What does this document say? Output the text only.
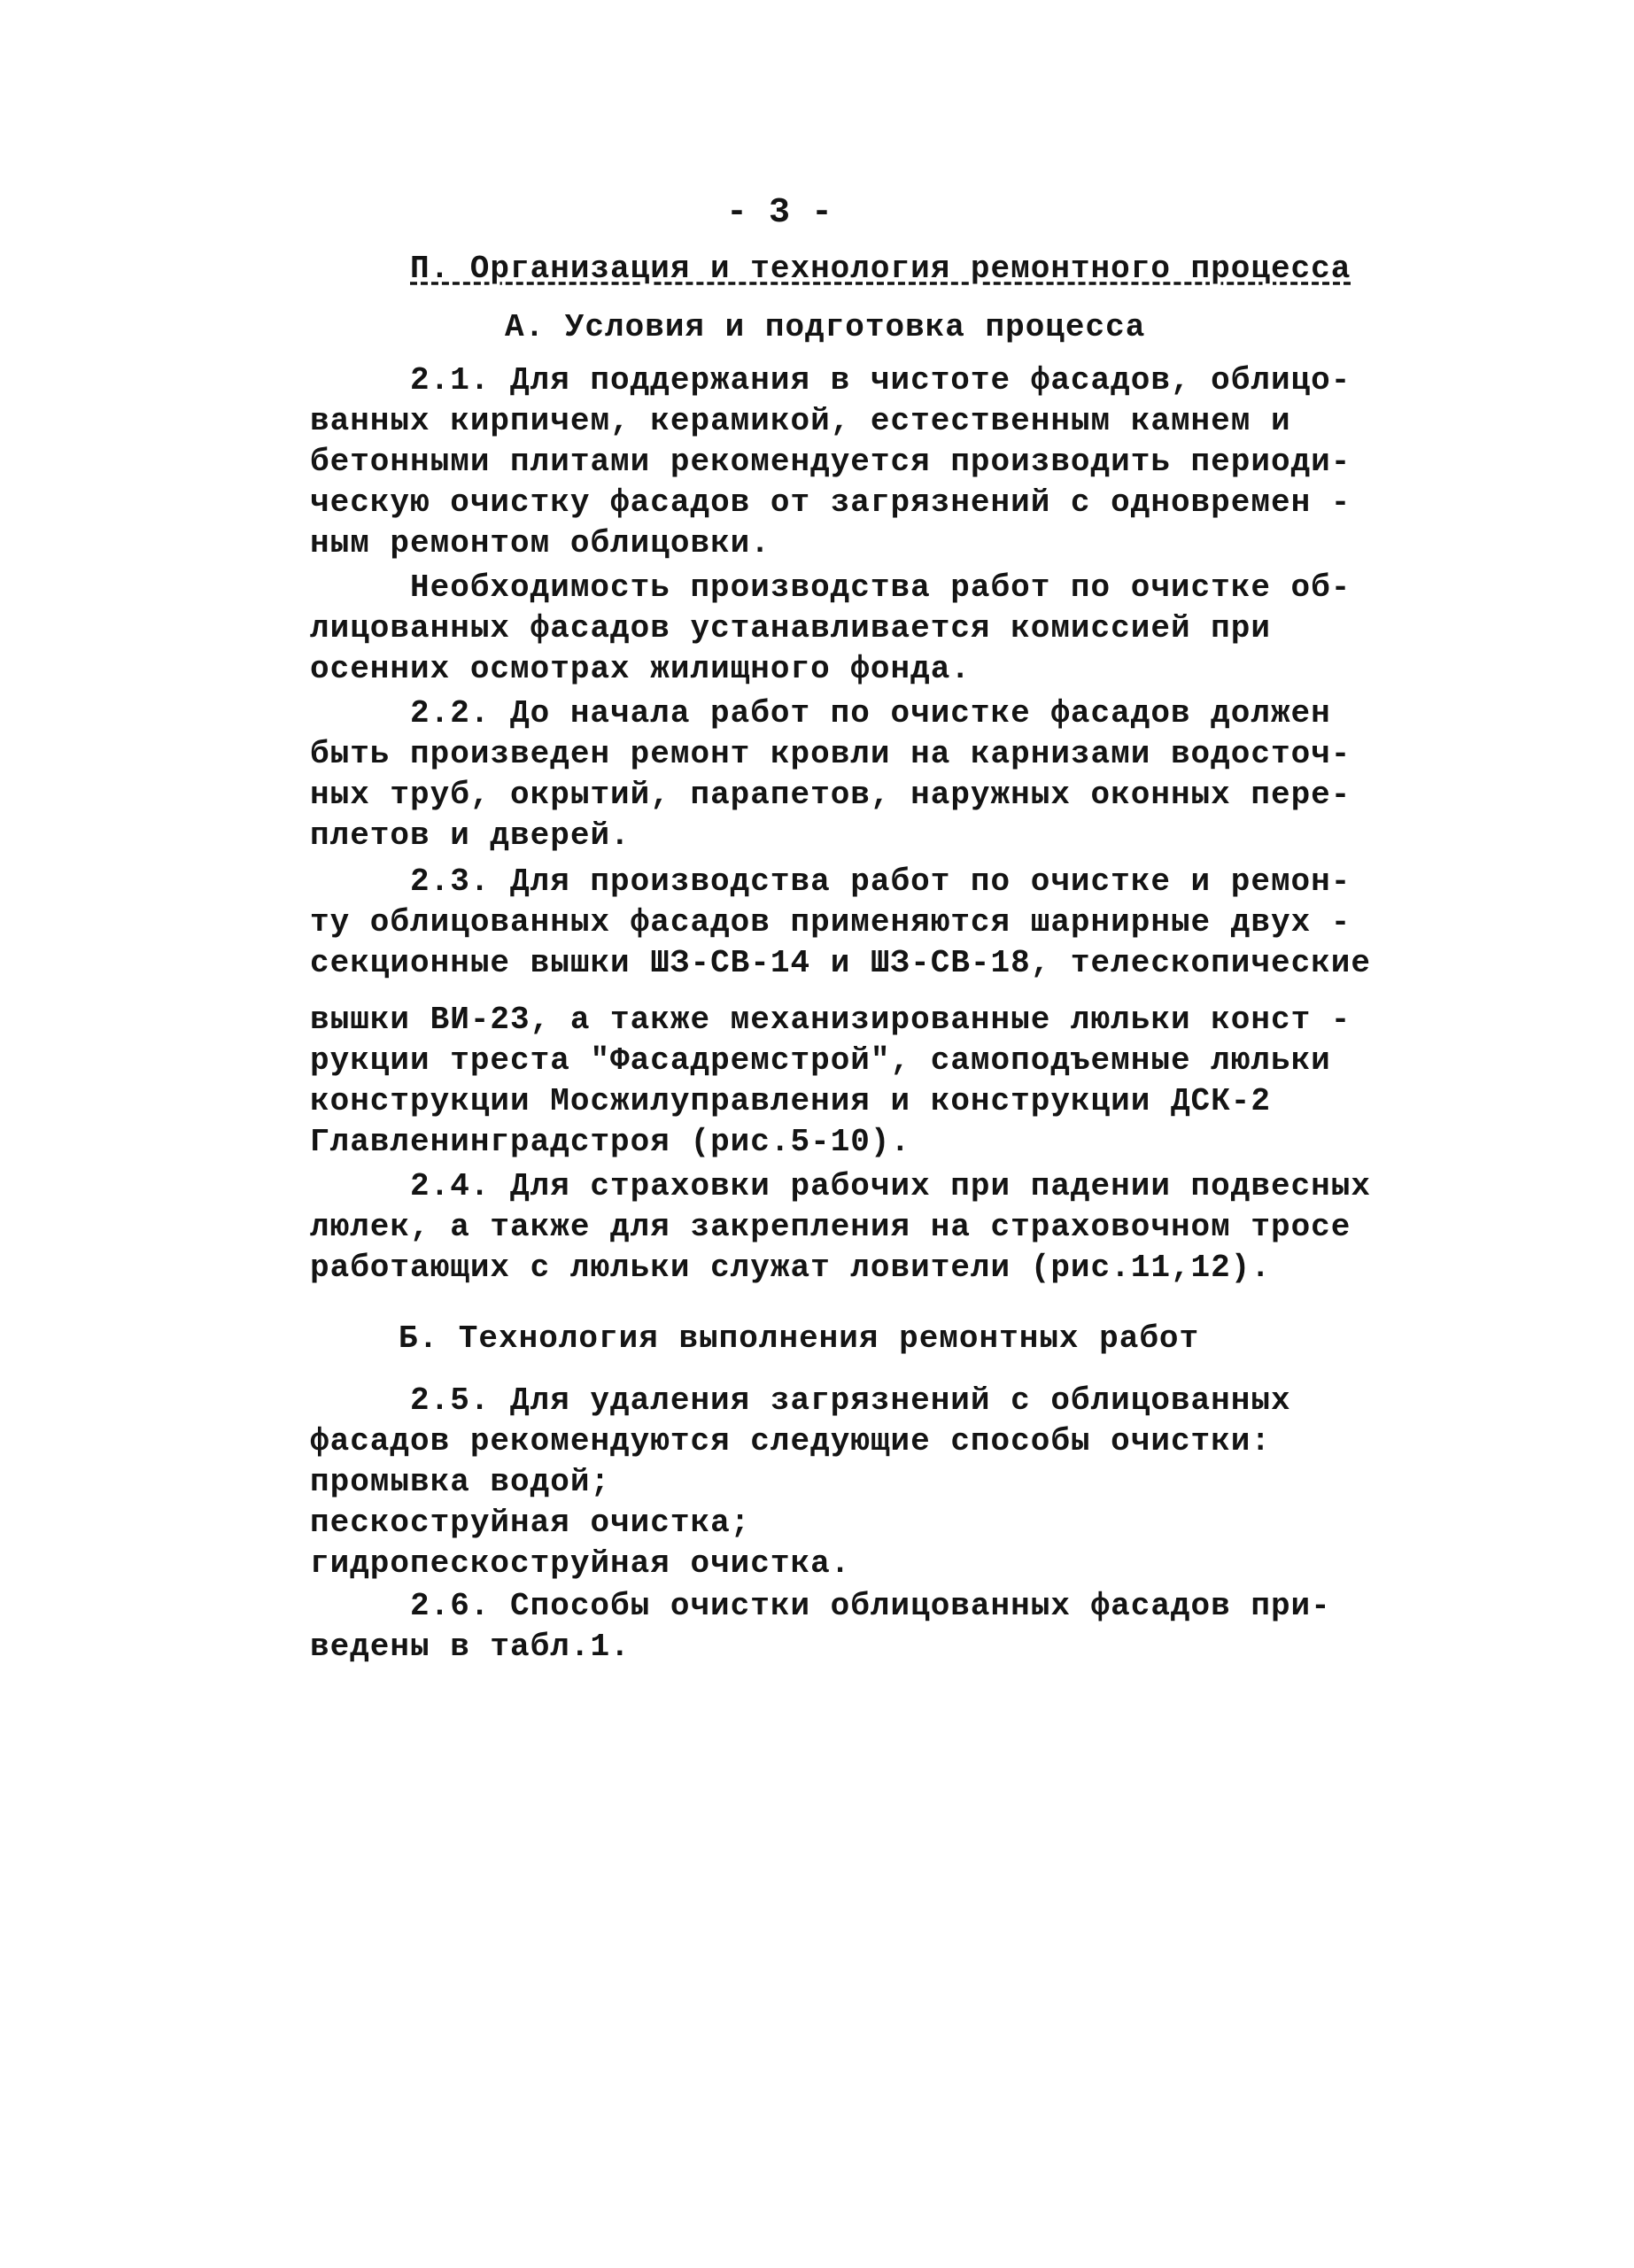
- 3 -
П. Организация и технология ремонтного процесса
А. Условия и подготовка процесса
2.1. Для поддержания в чистоте фасадов, облицо-
ванных кирпичем, керамикой, естественным камнем и
бетонными плитами рекомендуется производить периоди-
ческую очистку фасадов от загрязнений с одновремен -
ным ремонтом облицовки.
Необходимость производства работ по очистке об-
лицованных фасадов устанавливается комиссией при
осенних осмотрах жилищного фонда.
2.2. До начала работ по очистке фасадов должен
быть произведен ремонт кровли на карнизами водосточ-
ных труб, окрытий, парапетов, наружных оконных пере-
плетов и дверей.
2.3. Для производства работ по очистке и ремон-
ту облицованных фасадов применяются шарнирные двух -
секционные вышки ШЗ-СВ-14 и ШЗ-СВ-18, телескопические
вышки ВИ-23, а также механизированные люльки конст -
рукции треста "Фасадремстрой", самоподъемные люльки
конструкции Мосжилуправления и конструкции ДСК-2
Главленинградстроя (рис.5-10).
2.4. Для страховки рабочих при падении подвесных
люлек, а также для закрепления на страховочном тросе
работающих с люльки служат ловители (рис.11,12).
Б. Технология выполнения ремонтных работ
2.5. Для удаления загрязнений с облицованных
фасадов рекомендуются следующие способы очистки:
промывка водой;
пескоструйная очистка;
гидропескоструйная очистка.
2.6. Способы очистки облицованных фасадов при-
ведены в табл.1.
